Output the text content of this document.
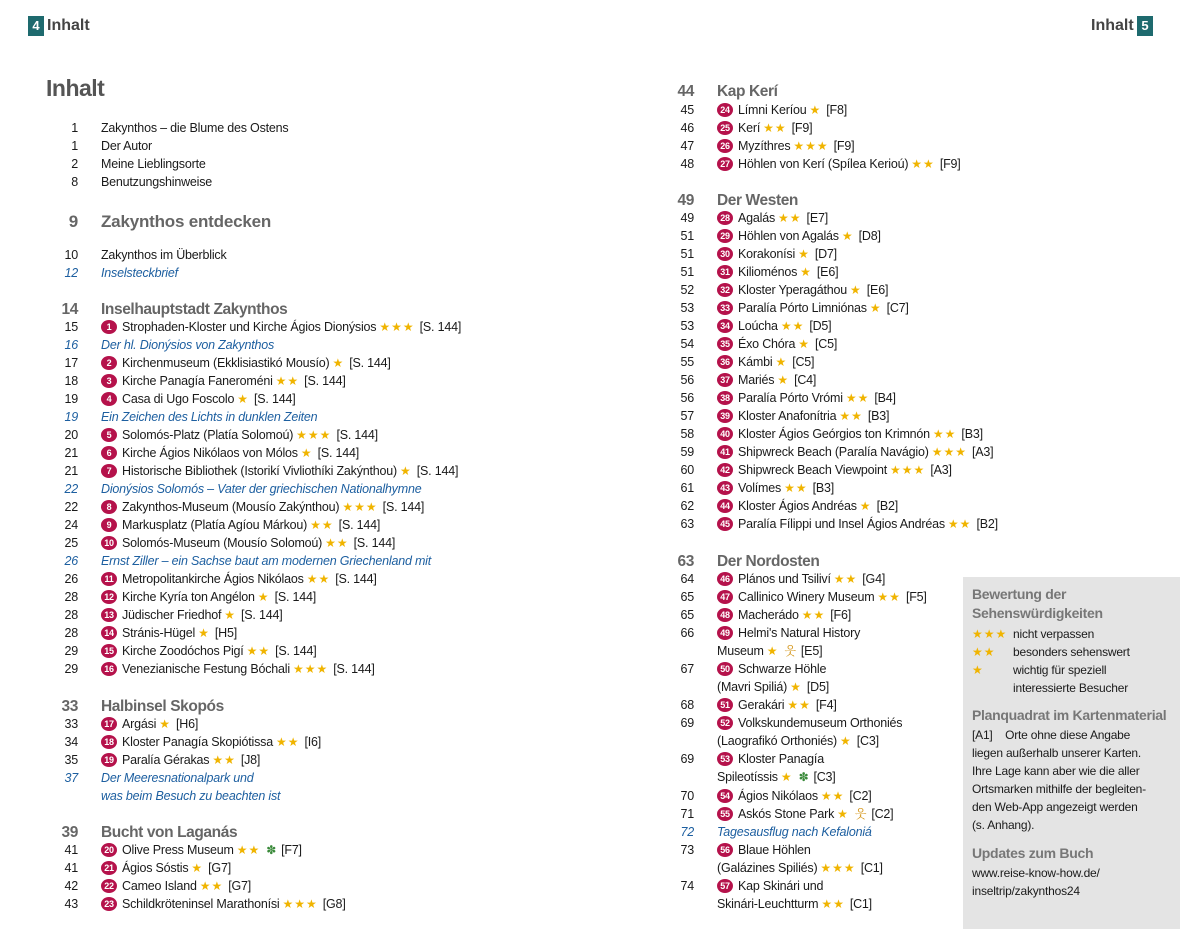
4 Inhalt	Inhalt 5
Inhalt
1 Zakynthos – die Blume des Ostens
1 Der Autor
2 Meine Lieblingsorte
8 Benutzungshinweise
9 Zakynthos entdecken
10 Zakynthos im Überblick
12 Inselsteckbrief
14 Inselhauptstadt Zakynthos
15	1 Strophaden-Kloster und Kirche Ágios Dionýsios ★★★ [S. 144]
16 Der hl. Dionýsios von Zakynthos
17	2 Kirchenmuseum (Ekklisiastikó Mousío) ★ [S. 144]
18	3 Kirche Panagía Faneroméni ★★ [S. 144]
19	4 Casa di Ugo Foscolo ★ [S. 144]
19 Ein Zeichen des Lichts in dunklen Zeiten
20	5 Solomós-Platz (Platía Solomoú) ★★★ [S. 144]
21	6 Kirche Ágios Nikólaos von Mólos ★ [S. 144]
21	7 Historische Bibliothek (Istorikí Vivliothíki Zakýnthou) ★ [S. 144]
22 Dionýsios Solomós – Vater der griechischen Nationalhymne
22	8 Zakynthos-Museum (Mousío Zakýnthou) ★★★ [S. 144]
24	9 Markusplatz (Platía Agíou Márkou) ★★ [S. 144]
25	10 Solomós-Museum (Mousío Solomoú) ★★ [S. 144]
26 Ernst Ziller – ein Sachse baut am modernen Griechenland mit
26	11 Metropolitankirche Ágios Nikólaos ★★ [S. 144]
28	12 Kirche Kyría ton Angélon ★ [S. 144]
28	13 Jüdischer Friedhof ★ [S. 144]
28	14 Stránis-Hügel ★ [H5]
29	15 Kirche Zoodóchos Pigí ★★ [S. 144]
29	16 Venezianische Festung Bóchali ★★★ [S. 144]
33 Halbinsel Skopós
33	17 Argási ★ [H6]
34	18 Kloster Panagía Skopiótissa ★★ [I6]
35	19 Paralía Gérakas ★★ [J8]
37 Der Meeresnationalpark und
was beim Besuch zu beachten ist
39 Bucht von Laganás
41	20 Olive Press Museum ★★ ✽ [F7]
41	21 Ágios Sóstis ★ [G7]
42	22 Cameo Island ★★ [G7]
43	23 Schildkröteninsel Marathonísi ★★★ [G8]
44 Kap Kerí
45	24 Límni Keríou ★ [F8]
46	25 Kerí ★★ [F9]
47	26 Myzíthres ★★★ [F9]
48	27 Höhlen von Kerí (Spílea Kerioú) ★★ [F9]
49 Der Westen
49	28 Agalás ★★ [E7]
51	29 Höhlen von Agalás ★ [D8]
51	30 Korakonísi ★ [D7]
51	31 Kilioménos ★ [E6]
52	32 Kloster Yperagáthou ★ [E6]
53	33 Paralía Pórto Limniónas ★ [C7]
53	34 Loúcha ★★ [D5]
54	35 Éxo Chóra ★ [C5]
55	36 Kámbi ★ [C5]
56	37 Mariés ★ [C4]
56	38 Paralía Pórto Vrómi ★★ [B4]
57	39 Kloster Anafonítria ★★ [B3]
58	40 Kloster Ágios Geórgios ton Krimnón ★★ [B3]
59	41 Shipwreck Beach (Paralía Navágio) ★★★ [A3]
60	42 Shipwreck Beach Viewpoint ★★★ [A3]
61	43 Volímes ★★ [B3]
62	44 Kloster Ágios Andréas ★ [B2]
63	45 Paralía Fílippi und Insel Ágios Andréas ★★ [B2]
63 Der Nordosten
64	46 Plános und Tsiliví ★★ [G4]
65	47 Callinico Winery Museum ★★ [F5]
65	48 Macherádo ★★ [F6]
66	49 Helmi's Natural History
Museum ★ 웃 [E5]
67	50 Schwarze Höhle
(Mavri Spiliá) ★ [D5]
68	51 Gerakári ★★ [F4]
69	52 Volkskundemuseum Orthoniés
(Laografikó Orthoniés) ★ [C3]
69	53 Kloster Panagía
Spileotíssis ★ ✽ [C3]
70	54 Ágios Nikólaos ★★ [C2]
71	55 Askós Stone Park ★ 웃 [C2]
72 Tagesausflug nach Kefaloniá
73	56 Blaue Höhlen
(Galázines Spiliés) ★★★ [C1]
74	57 Kap Skinári und
Skinári-Leuchtturm ★★ [C1]
Bewertung der
Sehenswürdigkeiten
★★★ nicht verpassen
★★ besonders sehenswert
★ wichtig für speziell
interessierte Besucher
Planquadrat im Kartenmaterial
[A1]    Orte ohne diese Angabe
liegen außerhalb unserer Karten.
Ihre Lage kann aber wie die aller
Ortsmarken mithilfe der begleiten-
den Web-App angezeigt werden
(s. Anhang).
Updates zum Buch
www.reise-know-how.de/
inseltrip/zakynthos24
